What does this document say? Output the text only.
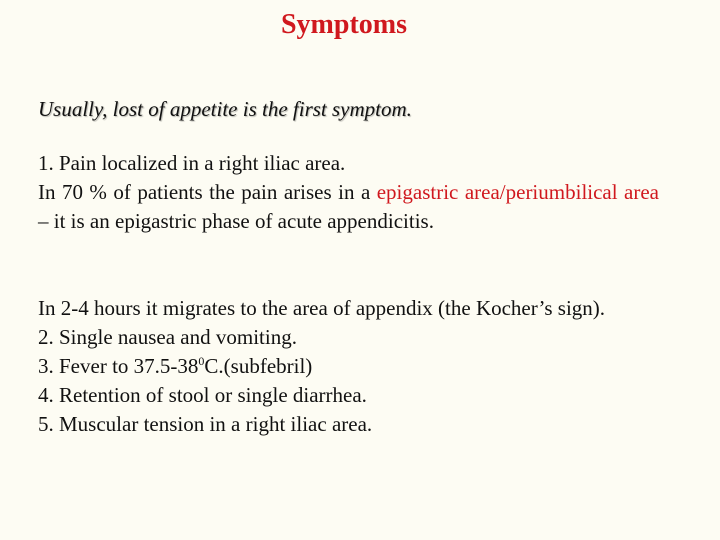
Symptoms
Usually, lost of appetite is the first symptom.
1. Pain localized in a right iliac area.
In 70 % of patients the pain arises in a epigastric area/periumbilical area – it is an epigastric phase of acute appendicitis.
In 2-4 hours it migrates to the area of appendix (the Kocher’s sign).
2. Single nausea and vomiting.
3. Fever to $37.5-38^0C.(subfebril)$
4. Retention of stool or single diarrhea.
5. Muscular tension in a right iliac area.
